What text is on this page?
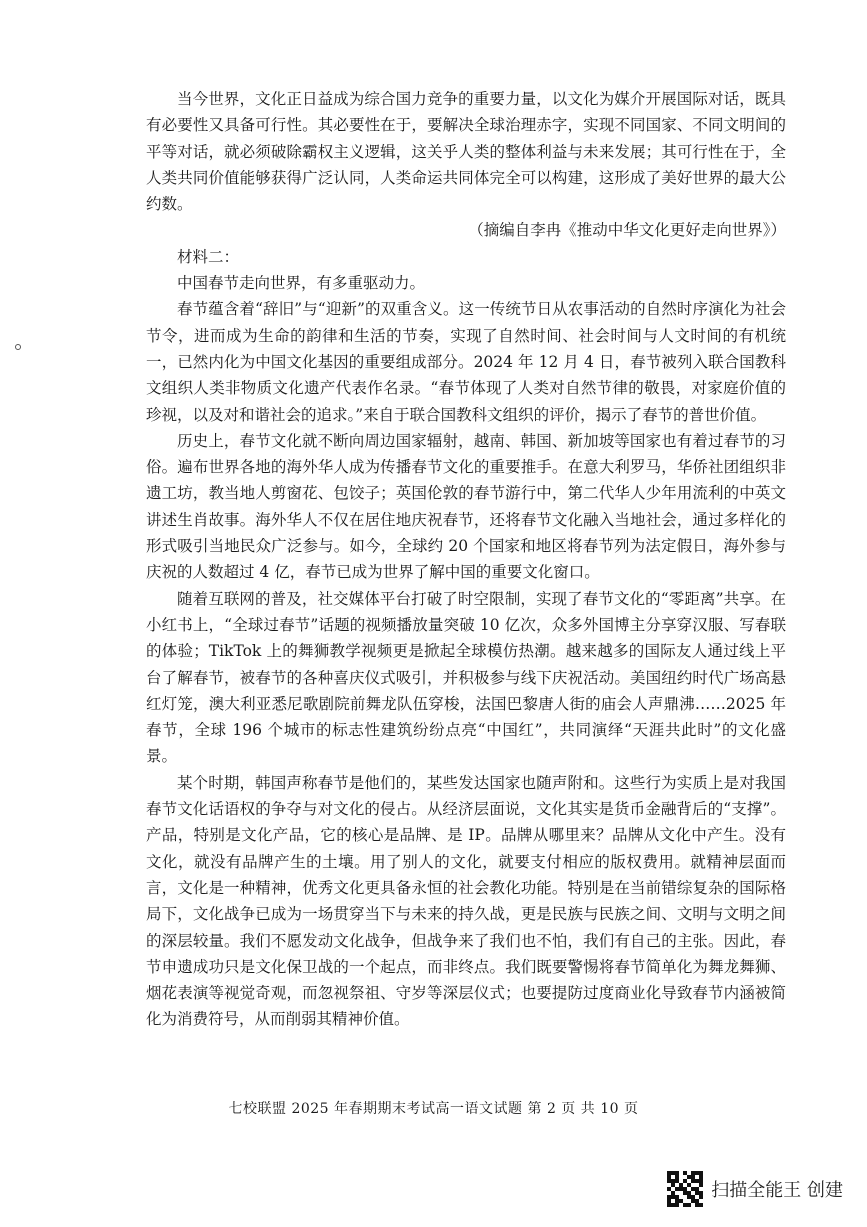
当今世界，文化正日益成为综合国力竞争的重要力量，以文化为媒介开展国际对话，既具有必要性又具备可行性。其必要性在于，要解决全球治理赤字，实现不同国家、不同文明间的平等对话，就必须破除霸权主义逻辑，这关乎人类的整体利益与未来发展；其可行性在于，全人类共同价值能够获得广泛认同，人类命运共同体完全可以构建，这形成了美好世界的最大公约数。

（摘编自李冉《推动中华文化更好走向世界》）

材料二：

中国春节走向世界，有多重驱动力。

春节蕴含着“辞旧”与“迎新”的双重含义。这一传统节日从农事活动的自然时序演化为社会节令，进而成为生命的韵律和生活的节奏，实现了自然时间、社会时间与人文时间的有机统一，已然内化为中国文化基因的重要组成部分。2024 年 12 月 4 日，春节被列入联合国教科文组织人类非物质文化遗产代表作名录。“春节体现了人类对自然节律的敬畏，对家庭价值的珍视，以及对和谐社会的追求。”来自于联合国教科文组织的评价，揭示了春节的普世价值。

历史上，春节文化就不断向周边国家辐射，越南、韩国、新加坡等国家也有着过春节的习俗。遍布世界各地的海外华人成为传播春节文化的重要推手。在意大利罗马，华侨社团组织非遗工坊，教当地人剪窗花、包饺子；英国伦敦的春节游行中，第二代华人少年用流利的中英文讲述生肖故事。海外华人不仅在居住地庆祝春节，还将春节文化融入当地社会，通过多样化的形式吸引当地民众广泛参与。如今，全球约 20 个国家和地区将春节列为法定假日，海外参与庆祝的人数超过 4 亿，春节已成为世界了解中国的重要文化窗口。

随着互联网的普及，社交媒体平台打破了时空限制，实现了春节文化的“零距离”共享。在小红书上，“全球过春节”话题的视频播放量突破 10 亿次，众多外国博主分享穿汉服、写春联的体验；TikTok 上的舞狮教学视频更是掀起全球模仿热潮。越来越多的国际友人通过线上平台了解春节，被春节的各种喜庆仪式吸引，并积极参与线下庆祝活动。美国纽约时代广场高悬红灯笼，澳大利亚悉尼歌剧院前舞龙队伍穿梭，法国巴黎唐人街的庙会人声鼎沸……2025 年春节，全球 196 个城市的标志性建筑纷纷点亮“中国红”，共同演绎“天涯共此时”的文化盛景。

某个时期，韩国声称春节是他们的，某些发达国家也随声附和。这些行为实质上是对我国春节文化话语权的争夺与对文化的侵占。从经济层面说，文化其实是货币金融背后的“支撑”。产品，特别是文化产品，它的核心是品牌、是 IP。品牌从哪里来？品牌从文化中产生。没有文化，就没有品牌产生的土壤。用了别人的文化，就要支付相应的版权费用。就精神层面而言，文化是一种精神，优秀文化更具备永恒的社会教化功能。特别是在当前错综复杂的国际格局下，文化战争已成为一场贯穿当下与未来的持久战，更是民族与民族之间、文明与文明之间的深层较量。我们不愿发动文化战争，但战争来了我们也不怕，我们有自己的主张。因此，春节申遗成功只是文化保卫战的一个起点，而非终点。我们既要警惕将春节简单化为舞龙舞狮、烟花表演等视觉奇观，而忽视祭祖、守岁等深层仪式；也要提防过度商业化导致春节内涵被简化为消费符号，从而削弱其精神价值。

七校联盟 2025 年春期期末考试高一语文试题 第 2 页 共 10 页
扫描全能王 创建
